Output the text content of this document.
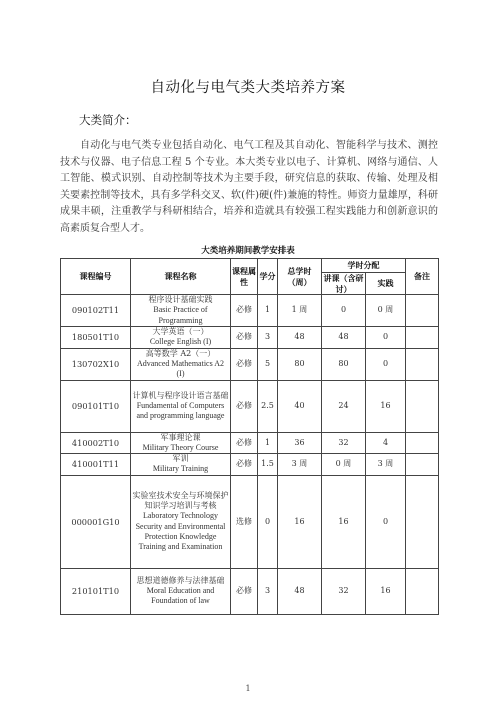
自动化与电气类大类培养方案
大类简介：
自动化与电气类专业包括自动化、电气工程及其自动化、智能科学与技术、测控技术与仪器、电子信息工程 5 个专业。本大类专业以电子、计算机、网络与通信、人工智能、模式识别、自动控制等技术为主要手段，研究信息的获取、传输、处理及相关要素控制等技术，具有多学科交叉、软(件)硬(件)兼施的特性。师资力量雄厚，科研成果丰硕，注重教学与科研相结合，培养和造就具有较强工程实践能力和创新意识的高素质复合型人才。
大类培养期间教学安排表
课程编号	课程名称	课程属性	学分	总学时（周）	学时分配		备注
					讲课（含研讨）	实践	
090102T11	程序设计基础实践
Basic Practice of Programming	必修	1	1 周	0	0 周	
180501T10	大学英语（一）
College English (I)	必修	3	48	48	0	
130702X10	高等数学 A2（一）
Advanced Mathematics A2 (I)	必修	5	80	80	0	
090101T10	计算机与程序设计语言基础
Fundamental of Computers and programming language	必修	2.5	40	24	16	
410002T10	军事理论课
Military Theory Course	必修	1	36	32	4	
410001T11	军训
Military Training	必修	1.5	3 周	0 周	3 周	
000001G10	实验室技术安全与环境保护知识学习培训与考核
Laboratory Technology Security and Environmental Protection Knowledge Training and Examination	选修	0	16	16	0	
210101T10	思想道德修养与法律基础
Moral Education and Foundation of law	必修	3	48	32	16	
1
